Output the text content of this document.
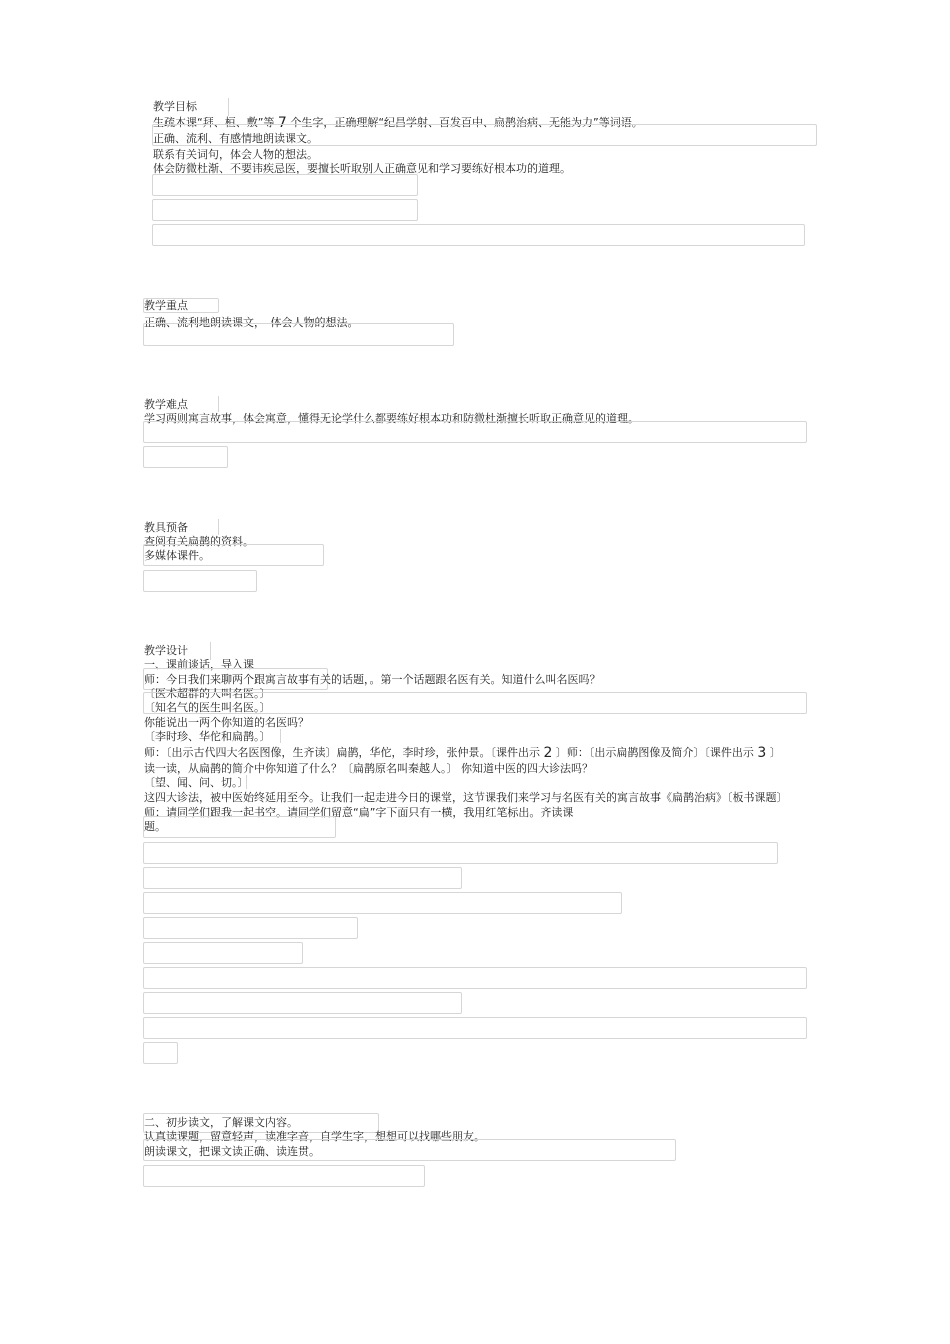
教学目标
生疏本课“拜、桓、敷”等 7 个生字，正确理解“纪昌学射、百发百中、扁鹊治病、无能为力”等词语。
正确、流利、有感情地朗读课文。
联系有关词句，体会人物的想法。
体会防微杜渐、不要讳疾忌医，要擅长听取别人正确意见和学习要练好根本功的道理。
教学重点
正确、流利地朗读课文，　体会人物的想法。
教学难点
学习两则寓言故事，体会寓意，懂得无论学什么都要练好根本功和防微杜渐擅长听取正确意见的道理。
教具预备
查阅有关扁鹊的资料。
多媒体课件。
教学设计
一、课前谈话，导入课
师：今日我们来聊两个跟寓言故事有关的话题，。第一个话题跟名医有关。知道什么叫名医吗？
〔医术超群的人叫名医。〕
〔知名气的医生叫名医。〕
你能说出一两个你知道的名医吗？
〔李时珍、华佗和扁鹊。〕
师：〔出示古代四大名医图像，生齐读〕扁鹊，华佗，李时珍，张仲景。〔课件出示 2 〕师：〔出示扁鹊图像及简介〕〔课件出示 3 〕
读一读，从扁鹊的简介中你知道了什么？〔扁鹊原名叫秦越人。〕 你知道中医的四大诊法吗？
〔望、闻、问、切。〕
这四大诊法，被中医始终延用至今。让我们一起走进今日的课堂，这节课我们来学习与名医有关的寓言故事《扁鹊治病》〔板书课题〕
师：请同学们跟我一起书空。请同学们留意“扁”字下面只有一横，我用红笔标出。齐读课
题。
二、初步读文，了解课文内容。
认真读课题，留意轻声，读准字音，自学生字，想想可以找哪些朋友。
朗读课文，把课文读正确、读连贯。
